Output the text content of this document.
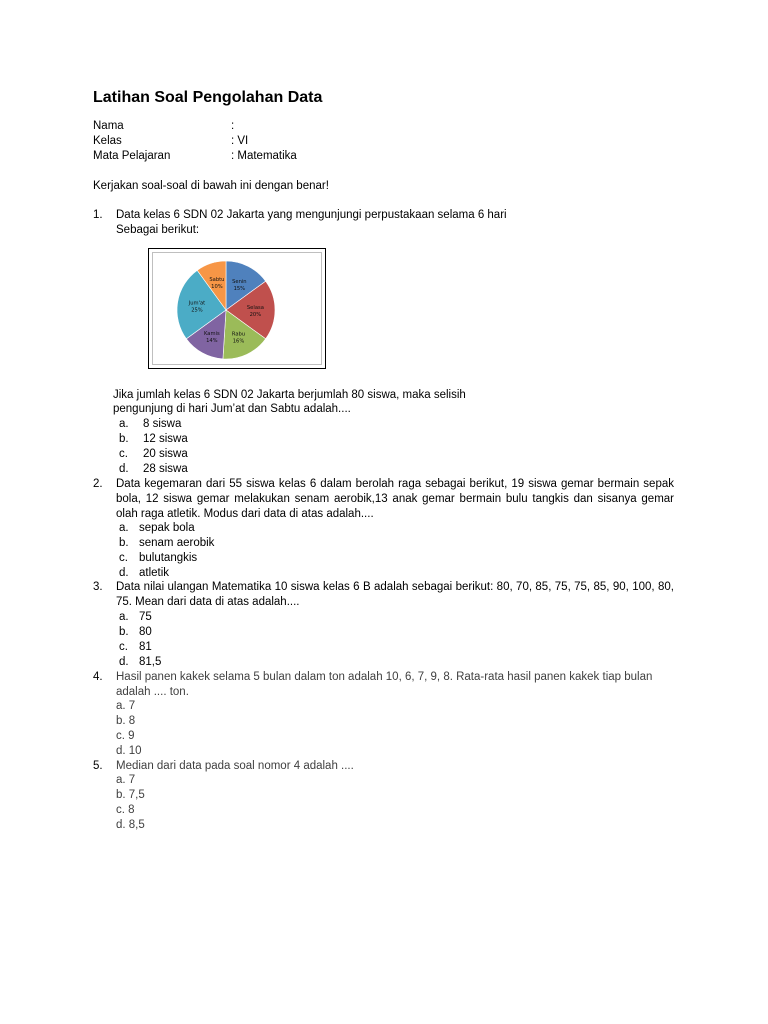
Latihan Soal Pengolahan Data
Nama	:
Kelas	: VI
Mata Pelajaran	: Matematika
Kerjakan soal-soal di bawah ini dengan benar!
1. Data kelas 6 SDN 02 Jakarta yang mengunjungi perpustakaan selama 6 hari
Sebagai berikut:
Senin
15%
Selasa
20%
Rabu
16%
Kamis
14%
Jum'at
25%
Sabtu
10%
Jika jumlah kelas 6 SDN 02 Jakarta berjumlah 80 siswa, maka selisih
pengunjung di hari Jum’at dan Sabtu adalah....
a. 8 siswa
b. 12 siswa
c. 20 siswa
d. 28 siswa
2. Data kegemaran dari 55 siswa kelas 6 dalam berolah raga sebagai berikut, 19 siswa gemar bermain sepak bola, 12 siswa gemar melakukan senam aerobik,13 anak gemar bermain bulu tangkis dan sisanya gemar olah raga atletik. Modus dari data di atas adalah....
a. sepak bola
b. senam aerobik
c. bulutangkis
d. atletik
3. Data nilai ulangan Matematika 10 siswa kelas 6 B adalah sebagai berikut: 80, 70, 85, 75, 75, 85, 90, 100, 80, 75. Mean dari data di atas adalah....
a. 75
b. 80
c. 81
d. 81,5
4. Hasil panen kakek selama 5 bulan dalam ton adalah 10, 6, 7, 9, 8. Rata-rata hasil panen kakek tiap bulan adalah .... ton.
a. 7
b. 8
c. 9
d. 10
5. Median dari data pada soal nomor 4 adalah ....
a. 7
b. 7,5
c. 8
d. 8,5
